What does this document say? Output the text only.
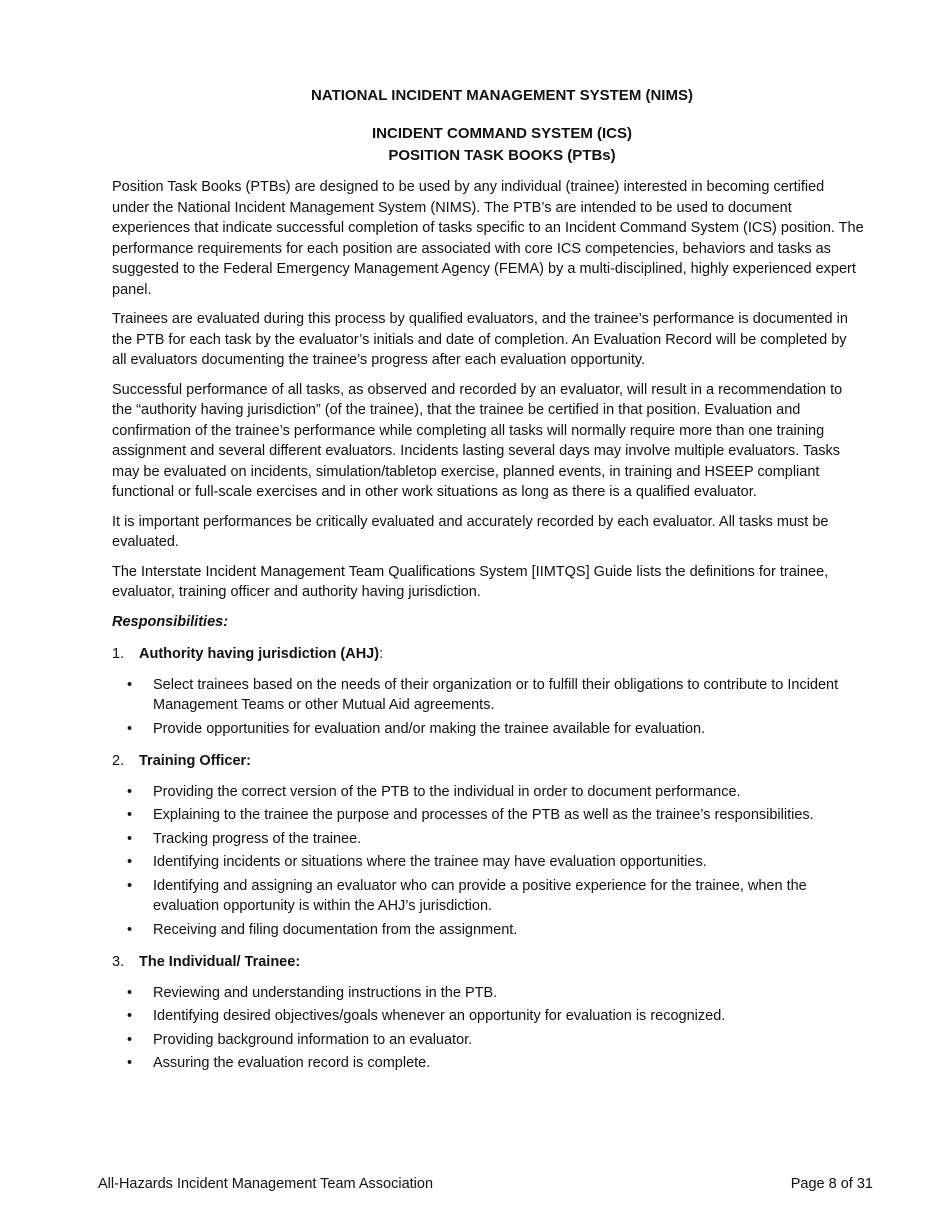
NATIONAL INCIDENT MANAGEMENT SYSTEM (NIMS)
INCIDENT COMMAND SYSTEM (ICS)
POSITION TASK BOOKS (PTBs)

Position Task Books (PTBs) are designed to be used by any individual (trainee) interested in becoming certified under the National Incident Management System (NIMS). The PTB’s are intended to be used to document experiences that indicate successful completion of tasks specific to an Incident Command System (ICS) position. The performance requirements for each position are associated with core ICS competencies, behaviors and tasks as suggested to the Federal Emergency Management Agency (FEMA) by a multi-disciplined, highly experienced expert panel.

Trainees are evaluated during this process by qualified evaluators, and the trainee’s performance is documented in the PTB for each task by the evaluator’s initials and date of completion. An Evaluation Record will be completed by all evaluators documenting the trainee’s progress after each evaluation opportunity.

Successful performance of all tasks, as observed and recorded by an evaluator, will result in a recommendation to the “authority having jurisdiction” (of the trainee), that the trainee be certified in that position. Evaluation and confirmation of the trainee’s performance while completing all tasks will normally require more than one training assignment and several different evaluators. Incidents lasting several days may involve multiple evaluators. Tasks may be evaluated on incidents, simulation/tabletop exercise, planned events, in training and HSEEP compliant functional or full-scale exercises and in other work situations as long as there is a qualified evaluator.

It is important performances be critically evaluated and accurately recorded by each evaluator. All tasks must be evaluated.

The Interstate Incident Management Team Qualifications System [IIMTQS] Guide lists the definitions for trainee, evaluator, training officer and authority having jurisdiction.

Responsibilities:

1. Authority having jurisdiction (AHJ):
• Select trainees based on the needs of their organization or to fulfill their obligations to contribute to Incident Management Teams or other Mutual Aid agreements.
• Provide opportunities for evaluation and/or making the trainee available for evaluation.
2. Training Officer:
• Providing the correct version of the PTB to the individual in order to document performance.
• Explaining to the trainee the purpose and processes of the PTB as well as the trainee’s responsibilities.
• Tracking progress of the trainee.
• Identifying incidents or situations where the trainee may have evaluation opportunities.
• Identifying and assigning an evaluator who can provide a positive experience for the trainee, when the evaluation opportunity is within the AHJ’s jurisdiction.
• Receiving and filing documentation from the assignment.
3. The Individual/ Trainee:
• Reviewing and understanding instructions in the PTB.
• Identifying desired objectives/goals whenever an opportunity for evaluation is recognized.
• Providing background information to an evaluator.
• Assuring the evaluation record is complete.
All-Hazards Incident Management Team Association	Page 8 of 31
